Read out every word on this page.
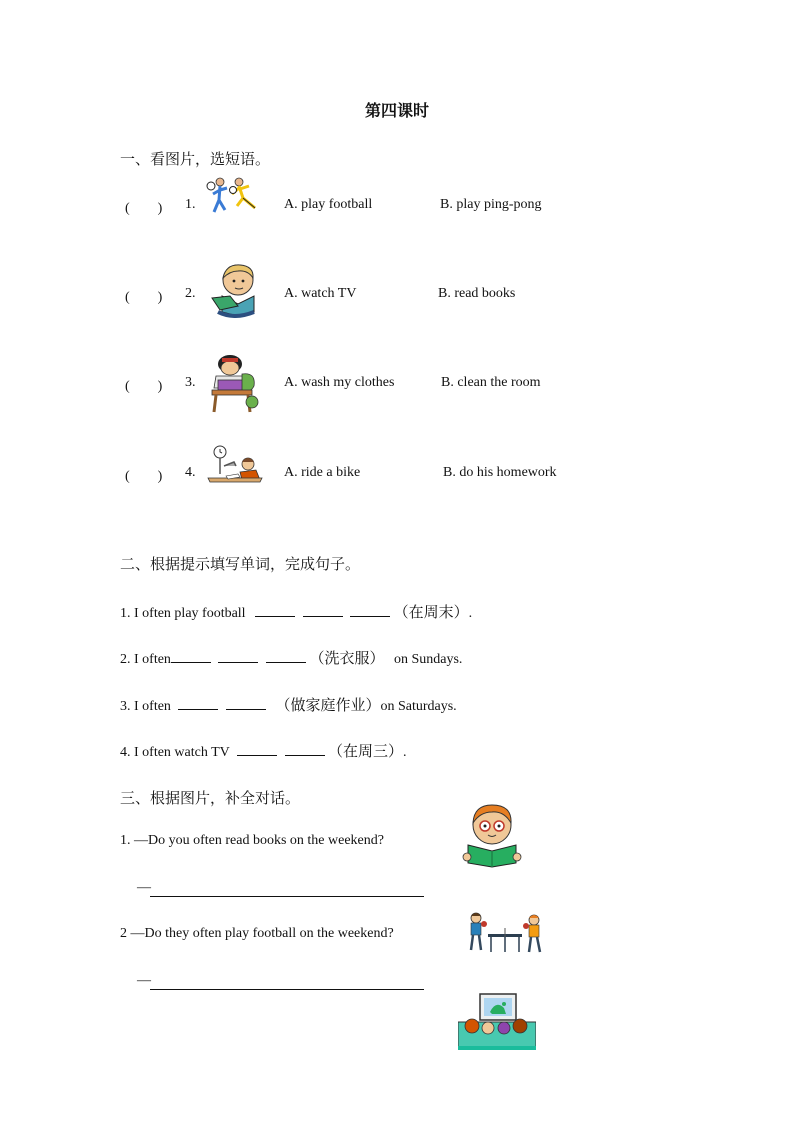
第四课时
一、看图片，选短语。
(　　) 1.	A. play football	B. play ping-pong
(　　) 2.	A. watch TV	B. read books
(　　) 3.	A. wash my clothes	B. clean the room
(　　) 4.	A. ride a bike	B. do his homework
二、根据提示填写单词，完成句子。
1. I often play football	（在周末）.
2. I often	（洗衣服） on Sundays.
3. I often	（做家庭作业）on Saturdays.
4. I often watch TV	（在周三）.
三、根据图片，补全对话。
1. —Do you often read books on the weekend?
—
2 —Do they often play football on the weekend?
—
